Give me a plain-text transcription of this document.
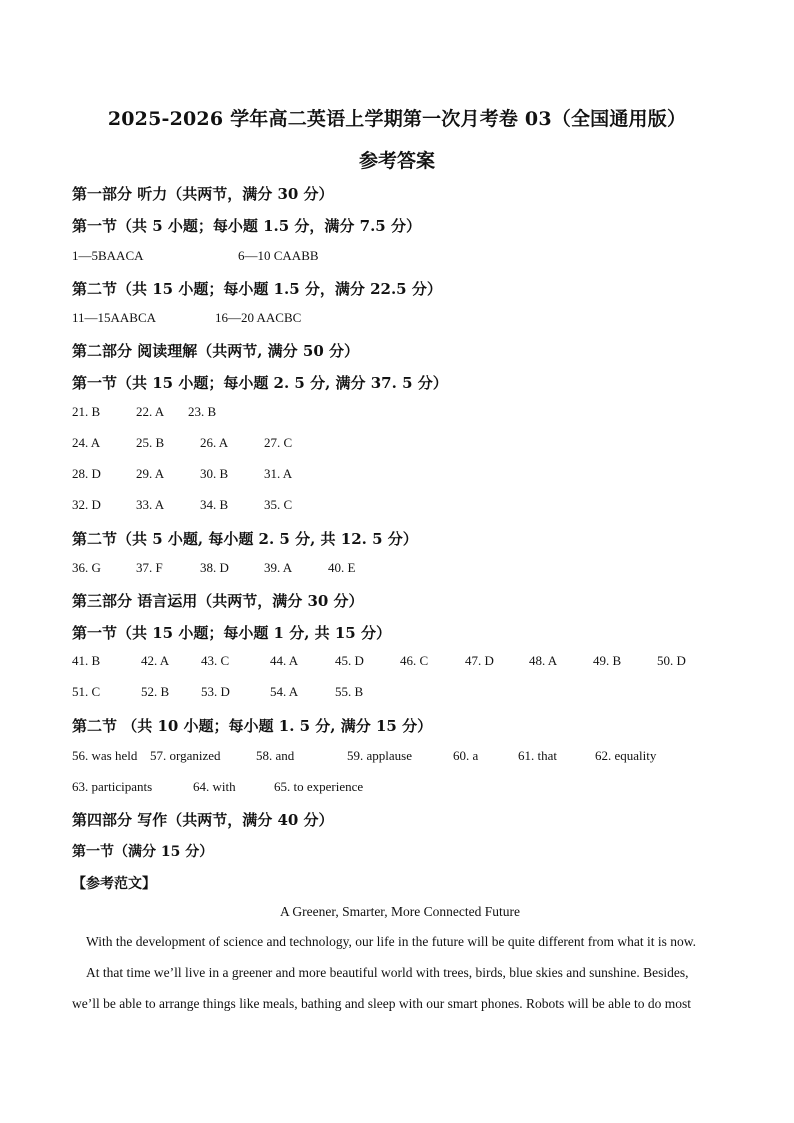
2025-2026 学年高二英语上学期第一次月考卷 03（全国通用版）
参考答案
第一部分 听力（共两节，满分 30 分）
第一节（共 5 小题；每小题 1.5 分，满分 7.5 分）
1—5BAACA	6—10 CAABB
第二节（共 15 小题；每小题 1.5 分，满分 22.5 分）
11—15AABCA	16—20 AACBC
第二部分 阅读理解（共两节, 满分 50 分）
第一节（共 15 小题；每小题 2. 5 分, 满分 37. 5 分）
21. B	22. A 23. B
24. A	25. B	26. A	27. C
28. D	29. A	30. B	31. A
32. D	33. A	34. B	35. C
第二节（共 5 小题, 每小题 2. 5 分, 共 12. 5 分）
36. G	37. F	38. D	39. A	40. E
第三部分 语言运用（共两节，满分 30 分）
第一节（共 15 小题；每小题 1 分, 共 15 分）
41. B	42. A 43. C	44. A	45. D	46. C	47. D	48. A	49. B	50. D
51. C	52. B 53. D	54. A	55. B
第二节 （共 10 小题；每小题 1. 5 分, 满分 15 分）
56. was held 57. organized	58. and	59. applause	60. a	61. that	62. equality
63. participants	64. with	65. to experience
第四部分 写作（共两节，满分 40 分）
第一节（满分 15 分）
【参考范文】
A Greener, Smarter, More Connected Future
With the development of science and technology, our life in the future will be quite different from what it is now.
At that time we’ll live in a greener and more beautiful world with trees, birds, blue skies and sunshine. Besides,
we’ll be able to arrange things like meals, bathing and sleep with our smart phones. Robots will be able to do most
